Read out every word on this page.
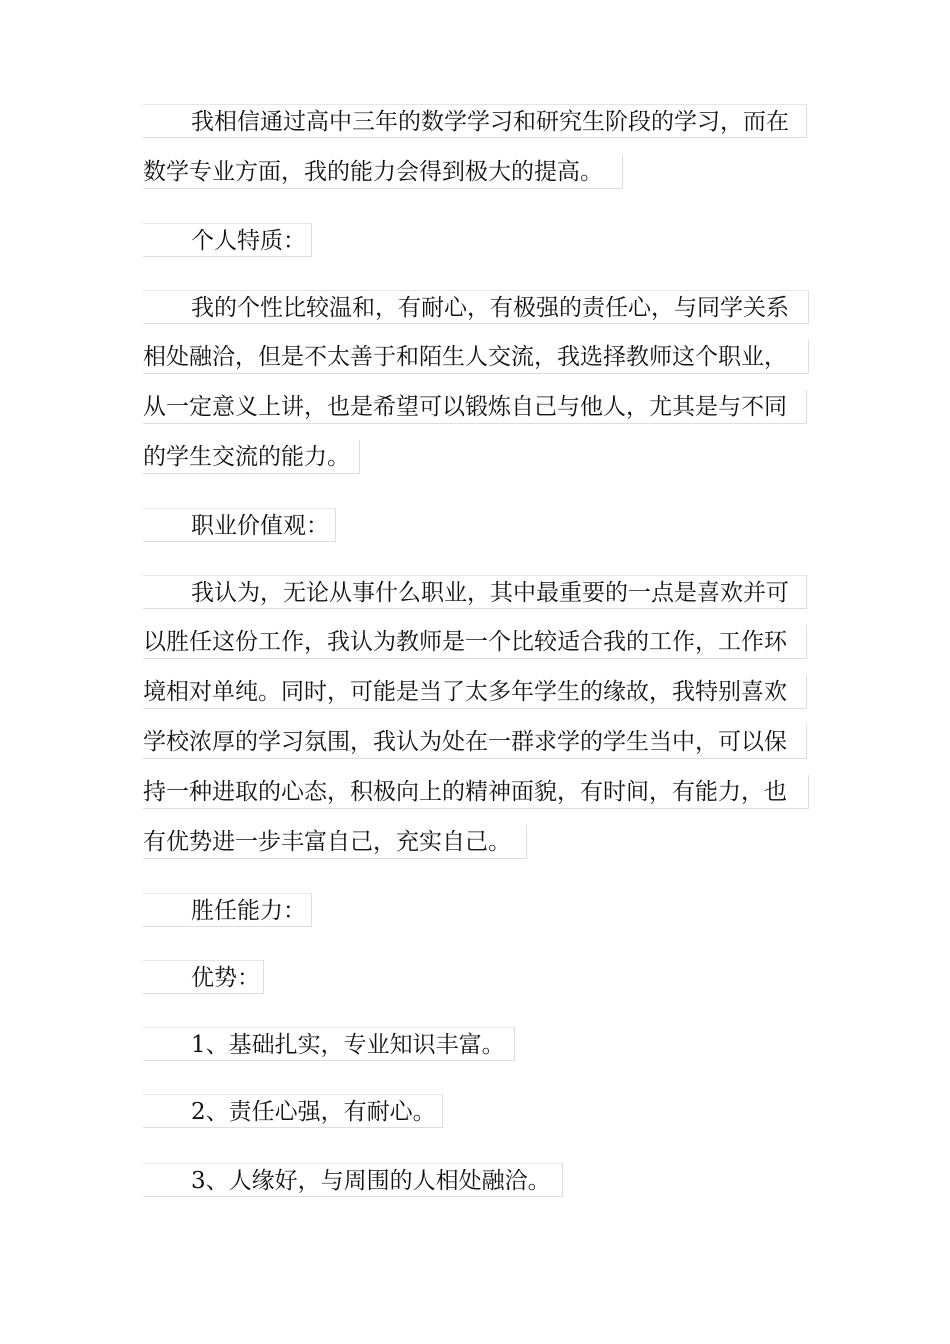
我相信通过高中三年的数学学习和研究生阶段的学习，而在
数学专业方面，我的能力会得到极大的提高。
个人特质：
我的个性比较温和，有耐心，有极强的责任心，与同学关系
相处融洽，但是不太善于和陌生人交流，我选择教师这个职业，
从一定意义上讲，也是希望可以锻炼自己与他人，尤其是与不同
的学生交流的能力。
职业价值观：
我认为，无论从事什么职业，其中最重要的一点是喜欢并可
以胜任这份工作，我认为教师是一个比较适合我的工作，工作环
境相对单纯。同时，可能是当了太多年学生的缘故，我特别喜欢
学校浓厚的学习氛围，我认为处在一群求学的学生当中，可以保
持一种进取的心态，积极向上的精神面貌，有时间，有能力，也
有优势进一步丰富自己，充实自己。
胜任能力：
优势：
1、基础扎实，专业知识丰富。
2、责任心强，有耐心。
3、人缘好，与周围的人相处融洽。
